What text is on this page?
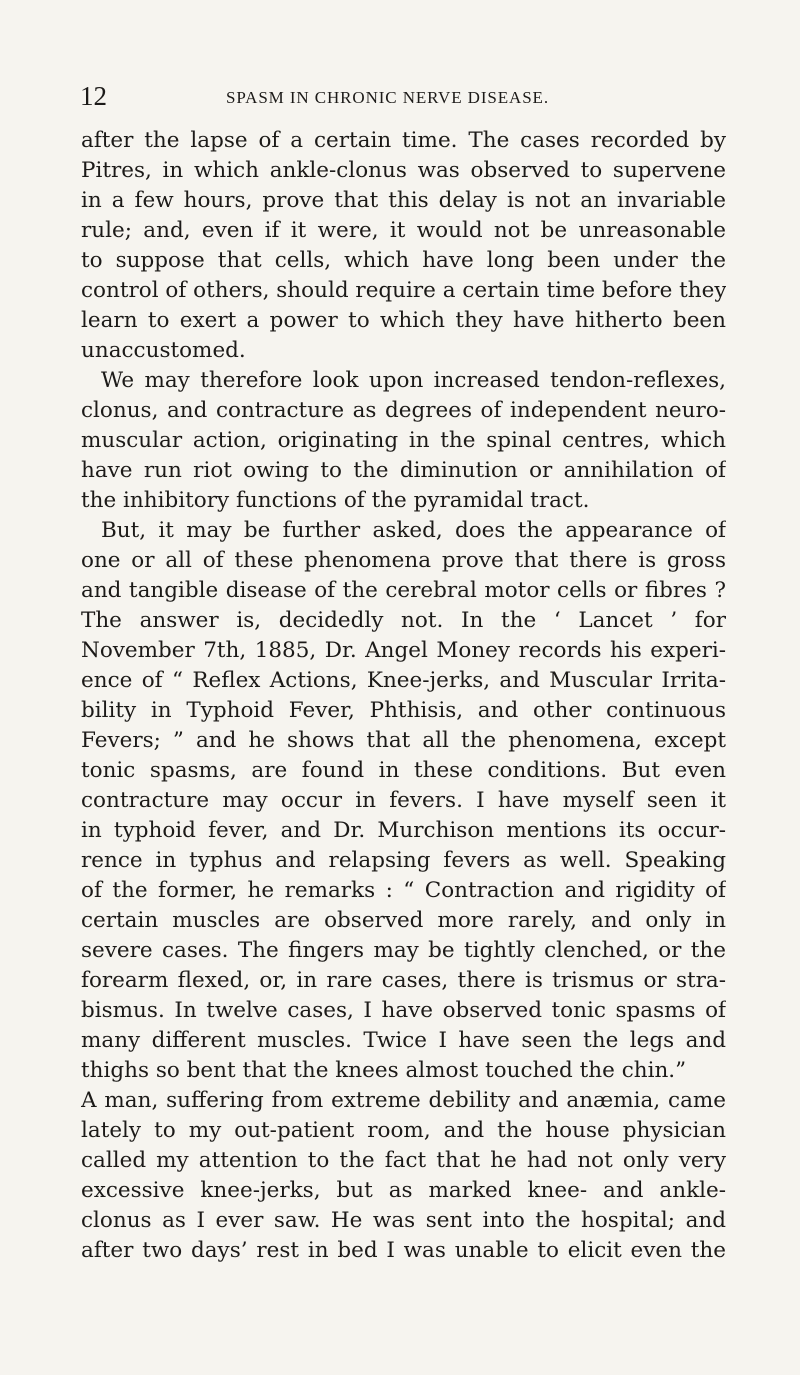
12	SPASM IN CHRONIC NERVE DISEASE.
after the lapse of a certain time. The cases recorded by
Pitres, in which ankle-clonus was observed to supervene
in a few hours, prove that this delay is not an invariable
rule; and, even if it were, it would not be unreasonable
to suppose that cells, which have long been under the
control of others, should require a certain time before they
learn to exert a power to which they have hitherto been
unaccustomed.
We may therefore look upon increased tendon-reflexes,
clonus, and contracture as degrees of independent neuro-
muscular action, originating in the spinal centres, which
have run riot owing to the diminution or annihilation of
the inhibitory functions of the pyramidal tract.
But, it may be further asked, does the appearance of
one or all of these phenomena prove that there is gross
and tangible disease of the cerebral motor cells or fibres ?
The answer is, decidedly not. In the ‘ Lancet ’ for
November 7th, 1885, Dr. Angel Money records his experi-
ence of “ Reflex Actions, Knee-jerks, and Muscular Irrita-
bility in Typhoid Fever, Phthisis, and other continuous
Fevers; ” and he shows that all the phenomena, except
tonic spasms, are found in these conditions. But even
contracture may occur in fevers. I have myself seen it
in typhoid fever, and Dr. Murchison mentions its occur-
rence in typhus and relapsing fevers as well. Speaking
of the former, he remarks : “ Contraction and rigidity of
certain muscles are observed more rarely, and only in
severe cases. The fingers may be tightly clenched, or the
forearm flexed, or, in rare cases, there is trismus or stra-
bismus. In twelve cases, I have observed tonic spasms of
many different muscles. Twice I have seen the legs and
thighs so bent that the knees almost touched the chin.”
A man, suffering from extreme debility and anæmia, came
lately to my out-patient room, and the house physician
called my attention to the fact that he had not only very
excessive knee-jerks, but as marked knee- and ankle-
clonus as I ever saw. He was sent into the hospital; and
after two days’ rest in bed I was unable to elicit even the
